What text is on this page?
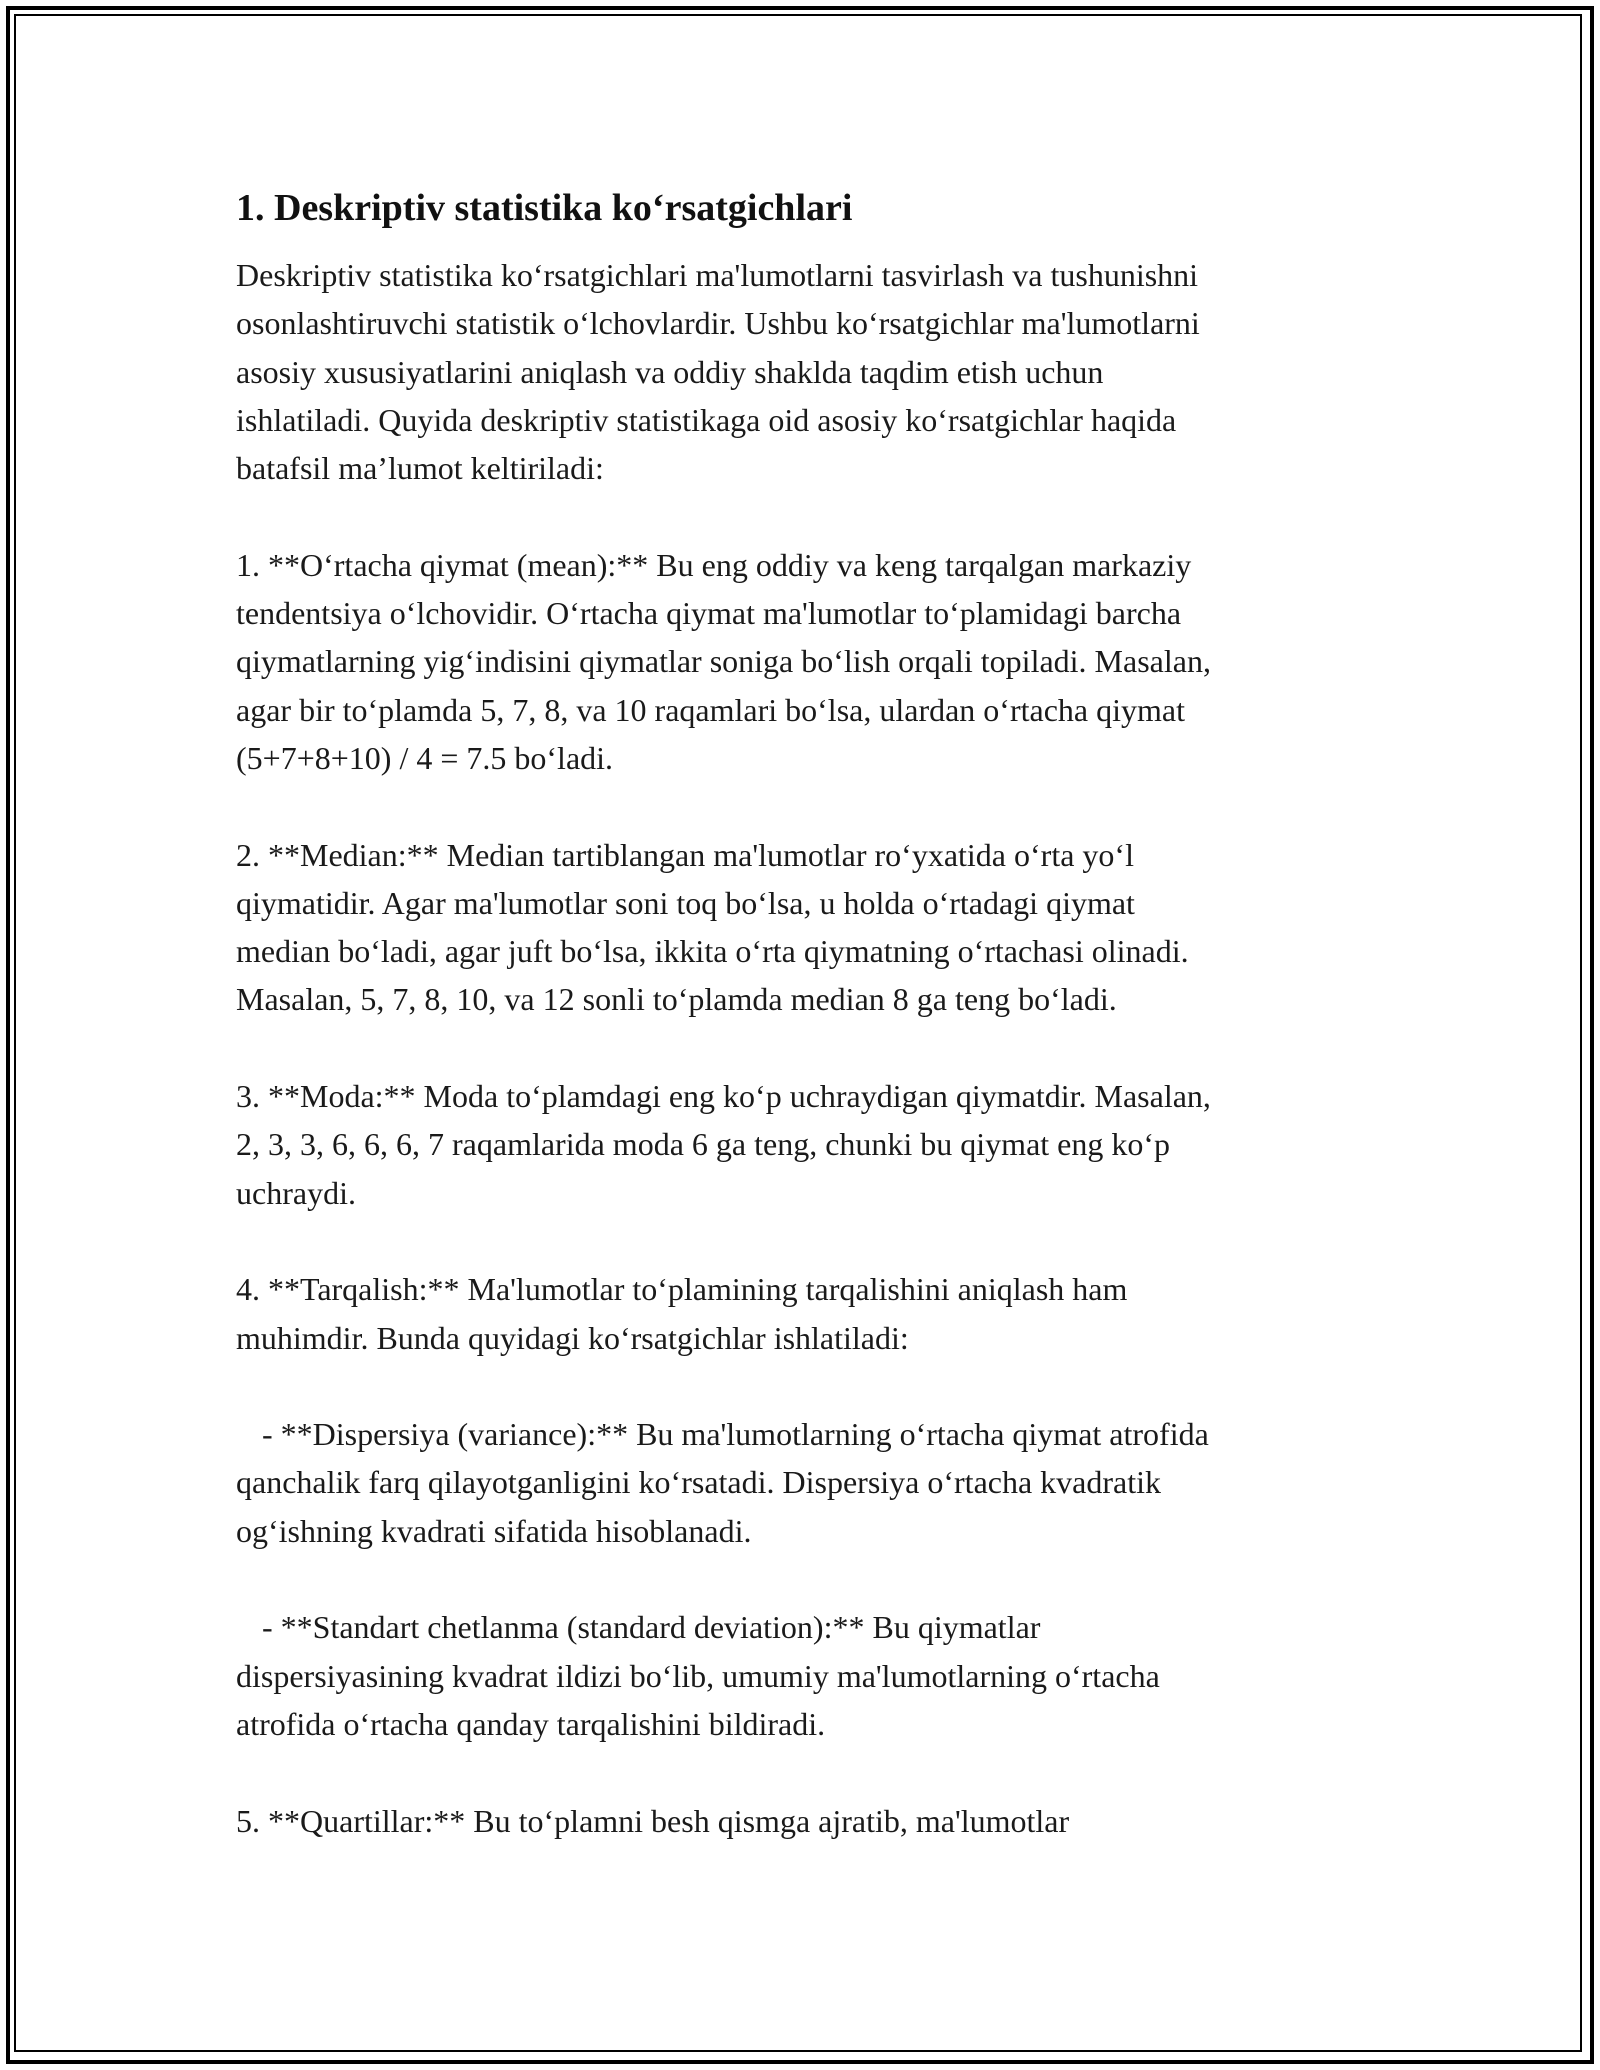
1. Deskriptiv statistika ko‘rsatgichlari

Deskriptiv statistika ko‘rsatgichlari ma'lumotlarni tasvirlash va tushunishni
osonlashtiruvchi statistik o‘lchovlardir. Ushbu ko‘rsatgichlar ma'lumotlarni
asosiy xususiyatlarini aniqlash va oddiy shaklda taqdim etish uchun
ishlatiladi. Quyida deskriptiv statistikaga oid asosiy ko‘rsatgichlar haqida
batafsil ma’lumot keltiriladi:

1. **O‘rtacha qiymat (mean):** Bu eng oddiy va keng tarqalgan markaziy
tendentsiya o‘lchovidir. O‘rtacha qiymat ma'lumotlar to‘plamidagi barcha
qiymatlarning yig‘indisini qiymatlar soniga bo‘lish orqali topiladi. Masalan,
agar bir to‘plamda 5, 7, 8, va 10 raqamlari bo‘lsa, ulardan o‘rtacha qiymat
(5+7+8+10) / 4 = 7.5 bo‘ladi.

2. **Median:** Median tartiblangan ma'lumotlar ro‘yxatida o‘rta yo‘l
qiymatidir. Agar ma'lumotlar soni toq bo‘lsa, u holda o‘rtadagi qiymat
median bo‘ladi, agar juft bo‘lsa, ikkita o‘rta qiymatning o‘rtachasi olinadi.
Masalan, 5, 7, 8, 10, va 12 sonli to‘plamda median 8 ga teng bo‘ladi.

3. **Moda:** Moda to‘plamdagi eng ko‘p uchraydigan qiymatdir. Masalan,
2, 3, 3, 6, 6, 6, 7 raqamlarida moda 6 ga teng, chunki bu qiymat eng ko‘p
uchraydi.

4. **Tarqalish:** Ma'lumotlar to‘plamining tarqalishini aniqlash ham
muhimdir. Bunda quyidagi ko‘rsatgichlar ishlatiladi:

- **Dispersiya (variance):** Bu ma'lumotlarning o‘rtacha qiymat atrofida
qanchalik farq qilayotganligini ko‘rsatadi. Dispersiya o‘rtacha kvadratik
og‘ishning kvadrati sifatida hisoblanadi.

- **Standart chetlanma (standard deviation):** Bu qiymatlar
dispersiyasining kvadrat ildizi bo‘lib, umumiy ma'lumotlarning o‘rtacha
atrofida o‘rtacha qanday tarqalishini bildiradi.

5. **Quartillar:** Bu to‘plamni besh qismga ajratib, ma'lumotlar
